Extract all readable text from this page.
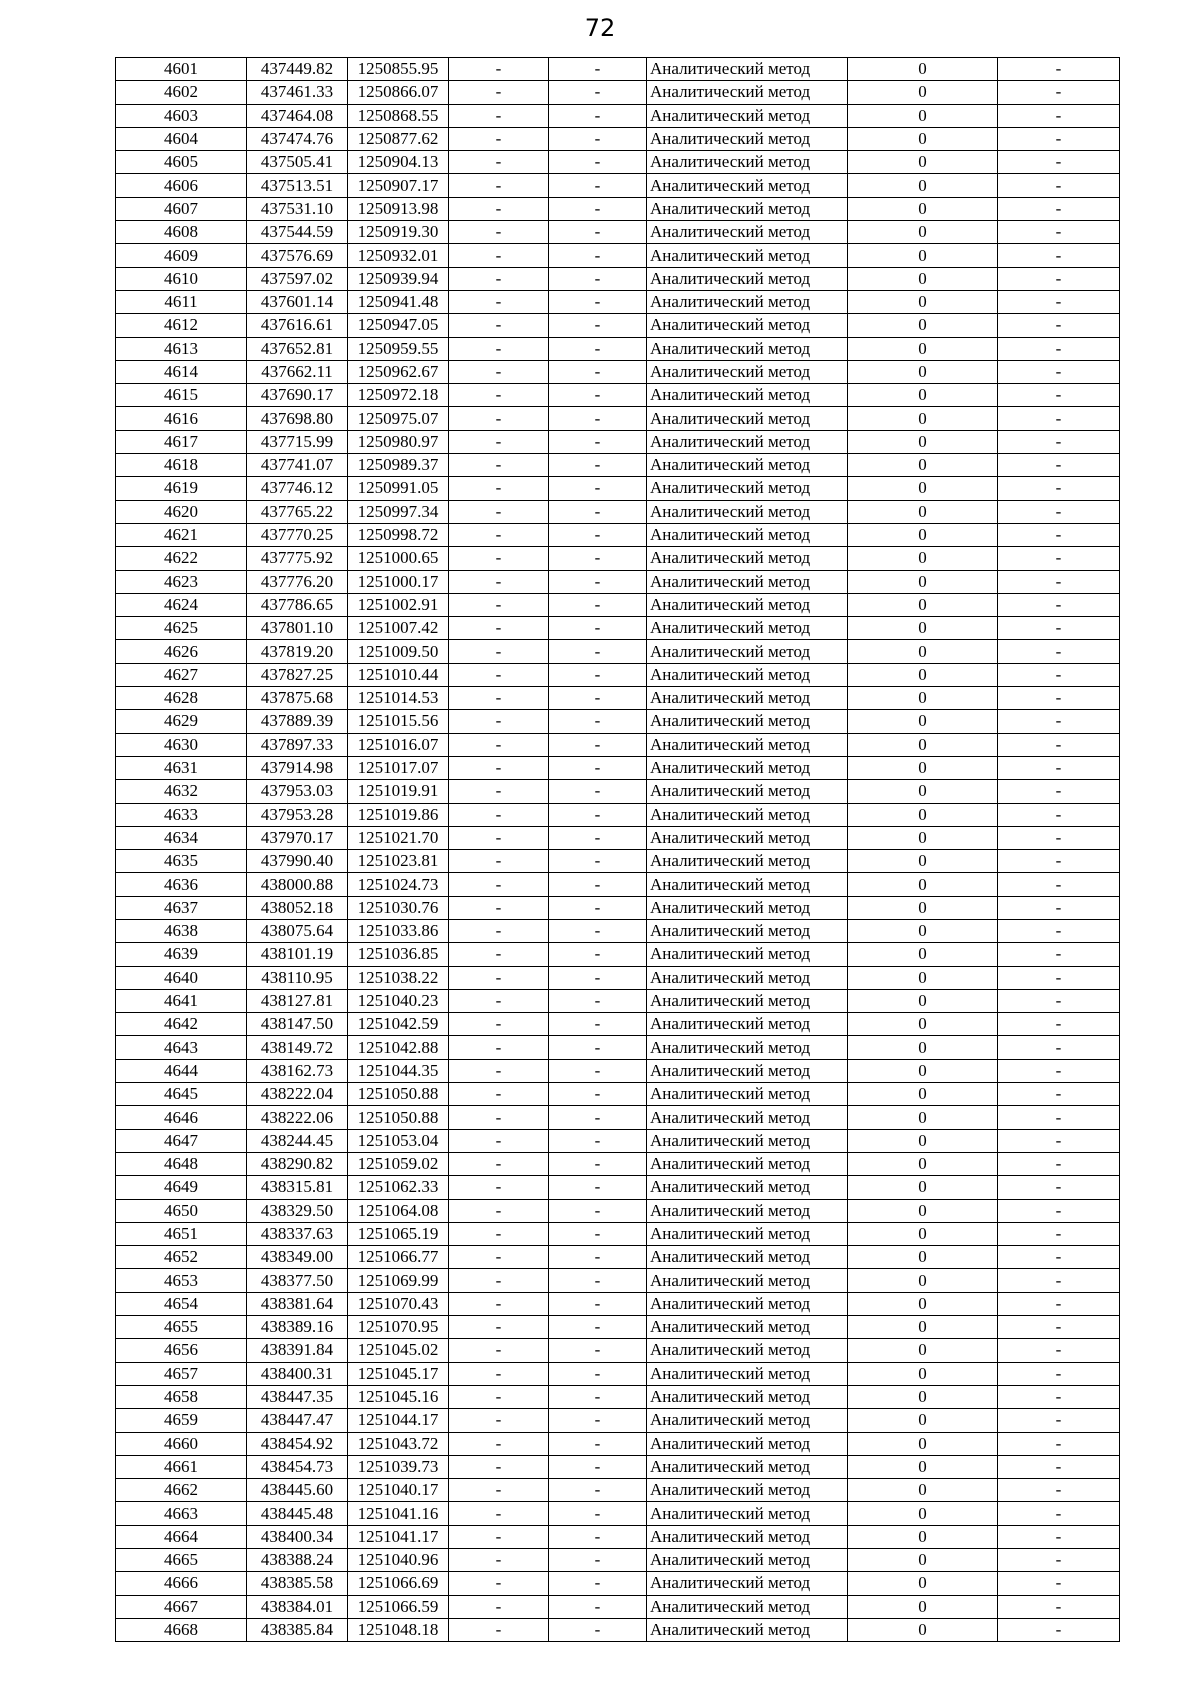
72
4601	437449.82	1250855.95	-	-	Аналитический метод	0	-
4602	437461.33	1250866.07	-	-	Аналитический метод	0	-
4603	437464.08	1250868.55	-	-	Аналитический метод	0	-
4604	437474.76	1250877.62	-	-	Аналитический метод	0	-
4605	437505.41	1250904.13	-	-	Аналитический метод	0	-
4606	437513.51	1250907.17	-	-	Аналитический метод	0	-
4607	437531.10	1250913.98	-	-	Аналитический метод	0	-
4608	437544.59	1250919.30	-	-	Аналитический метод	0	-
4609	437576.69	1250932.01	-	-	Аналитический метод	0	-
4610	437597.02	1250939.94	-	-	Аналитический метод	0	-
4611	437601.14	1250941.48	-	-	Аналитический метод	0	-
4612	437616.61	1250947.05	-	-	Аналитический метод	0	-
4613	437652.81	1250959.55	-	-	Аналитический метод	0	-
4614	437662.11	1250962.67	-	-	Аналитический метод	0	-
4615	437690.17	1250972.18	-	-	Аналитический метод	0	-
4616	437698.80	1250975.07	-	-	Аналитический метод	0	-
4617	437715.99	1250980.97	-	-	Аналитический метод	0	-
4618	437741.07	1250989.37	-	-	Аналитический метод	0	-
4619	437746.12	1250991.05	-	-	Аналитический метод	0	-
4620	437765.22	1250997.34	-	-	Аналитический метод	0	-
4621	437770.25	1250998.72	-	-	Аналитический метод	0	-
4622	437775.92	1251000.65	-	-	Аналитический метод	0	-
4623	437776.20	1251000.17	-	-	Аналитический метод	0	-
4624	437786.65	1251002.91	-	-	Аналитический метод	0	-
4625	437801.10	1251007.42	-	-	Аналитический метод	0	-
4626	437819.20	1251009.50	-	-	Аналитический метод	0	-
4627	437827.25	1251010.44	-	-	Аналитический метод	0	-
4628	437875.68	1251014.53	-	-	Аналитический метод	0	-
4629	437889.39	1251015.56	-	-	Аналитический метод	0	-
4630	437897.33	1251016.07	-	-	Аналитический метод	0	-
4631	437914.98	1251017.07	-	-	Аналитический метод	0	-
4632	437953.03	1251019.91	-	-	Аналитический метод	0	-
4633	437953.28	1251019.86	-	-	Аналитический метод	0	-
4634	437970.17	1251021.70	-	-	Аналитический метод	0	-
4635	437990.40	1251023.81	-	-	Аналитический метод	0	-
4636	438000.88	1251024.73	-	-	Аналитический метод	0	-
4637	438052.18	1251030.76	-	-	Аналитический метод	0	-
4638	438075.64	1251033.86	-	-	Аналитический метод	0	-
4639	438101.19	1251036.85	-	-	Аналитический метод	0	-
4640	438110.95	1251038.22	-	-	Аналитический метод	0	-
4641	438127.81	1251040.23	-	-	Аналитический метод	0	-
4642	438147.50	1251042.59	-	-	Аналитический метод	0	-
4643	438149.72	1251042.88	-	-	Аналитический метод	0	-
4644	438162.73	1251044.35	-	-	Аналитический метод	0	-
4645	438222.04	1251050.88	-	-	Аналитический метод	0	-
4646	438222.06	1251050.88	-	-	Аналитический метод	0	-
4647	438244.45	1251053.04	-	-	Аналитический метод	0	-
4648	438290.82	1251059.02	-	-	Аналитический метод	0	-
4649	438315.81	1251062.33	-	-	Аналитический метод	0	-
4650	438329.50	1251064.08	-	-	Аналитический метод	0	-
4651	438337.63	1251065.19	-	-	Аналитический метод	0	-
4652	438349.00	1251066.77	-	-	Аналитический метод	0	-
4653	438377.50	1251069.99	-	-	Аналитический метод	0	-
4654	438381.64	1251070.43	-	-	Аналитический метод	0	-
4655	438389.16	1251070.95	-	-	Аналитический метод	0	-
4656	438391.84	1251045.02	-	-	Аналитический метод	0	-
4657	438400.31	1251045.17	-	-	Аналитический метод	0	-
4658	438447.35	1251045.16	-	-	Аналитический метод	0	-
4659	438447.47	1251044.17	-	-	Аналитический метод	0	-
4660	438454.92	1251043.72	-	-	Аналитический метод	0	-
4661	438454.73	1251039.73	-	-	Аналитический метод	0	-
4662	438445.60	1251040.17	-	-	Аналитический метод	0	-
4663	438445.48	1251041.16	-	-	Аналитический метод	0	-
4664	438400.34	1251041.17	-	-	Аналитический метод	0	-
4665	438388.24	1251040.96	-	-	Аналитический метод	0	-
4666	438385.58	1251066.69	-	-	Аналитический метод	0	-
4667	438384.01	1251066.59	-	-	Аналитический метод	0	-
4668	438385.84	1251048.18	-	-	Аналитический метод	0	-
